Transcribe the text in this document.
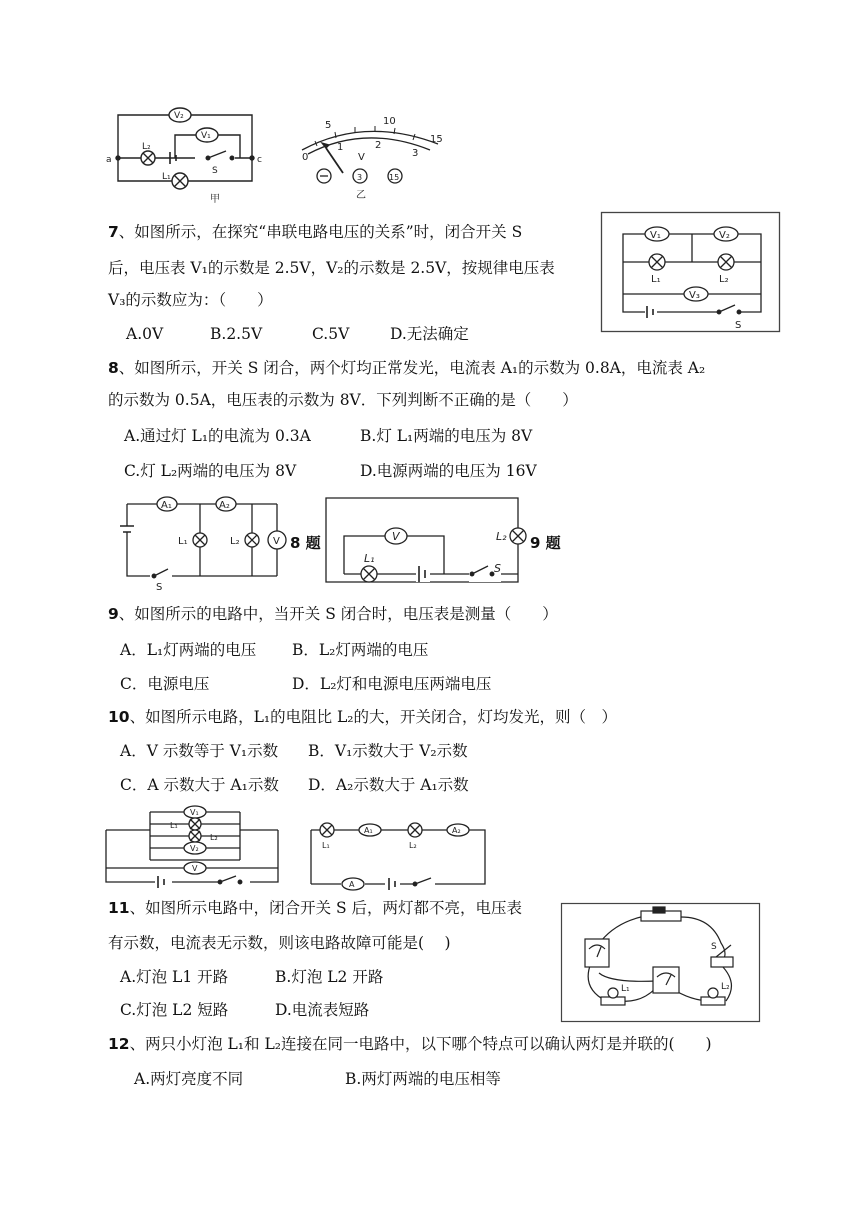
V₂
V₁
L₂
L₁
S
a	c
甲
5	10
15
0
1	2
3
V
3	15
乙
7、如图所示，在探究“串联电路电压的关系”时，闭合开关 S
后，电压表 V₁的示数是 2.5V，V₂的示数是 2.5V，按规律电压表
V₃的示数应为：（　　）
A.0V	B.2.5V	C.5V	D.无法确定
V₁	V₂
V₃
L₁	L₂
S
8、如图所示，开关 S 闭合，两个灯均正常发光，电流表 A₁的示数为 0.8A，电流表 A₂
的示数为 0.5A，电压表的示数为 8V．下列判断不正确的是（　　）
A.通过灯 L₁的电流为 0.3A	B.灯 L₁两端的电压为 8V
C.灯 L₂两端的电压为 8V	D.电源两端的电压为 16V
A₁	A₂
V
L₁	L₂
S
8 题	V
L₁
L₂
S
9 题
9、如图所示的电路中，当开关 S 闭合时，电压表是测量（　　）
A．L₁灯两端的电压 B．L₂灯两端的电压
C．电源电压	D．L₂灯和电源电压两端电压
10、如图所示电路，L₁的电阻比 L₂的大，开关闭合，灯均发光，则（　）
A．V 示数等于 V₁示数 B．V₁示数大于 V₂示数
C．A 示数大于 A₁示数 D．A₂示数大于 A₁示数
V₁
V₂
V
L₁
L₂
A₁	A₂
A
L₁	L₂
11、如图所示电路中，闭合开关 S 后，两灯都不亮，电压表
有示数，电流表无示数，则该电路故障可能是(　 )
A.灯泡 L1 开路	B.灯泡 L2 开路
C.灯泡 L2 短路	D.电流表短路
S
L₁	L₂
12、两只小灯泡 L₁和 L₂连接在同一电路中，以下哪个特点可以确认两灯是并联的(　　)
A.两灯亮度不同	B.两灯两端的电压相等
